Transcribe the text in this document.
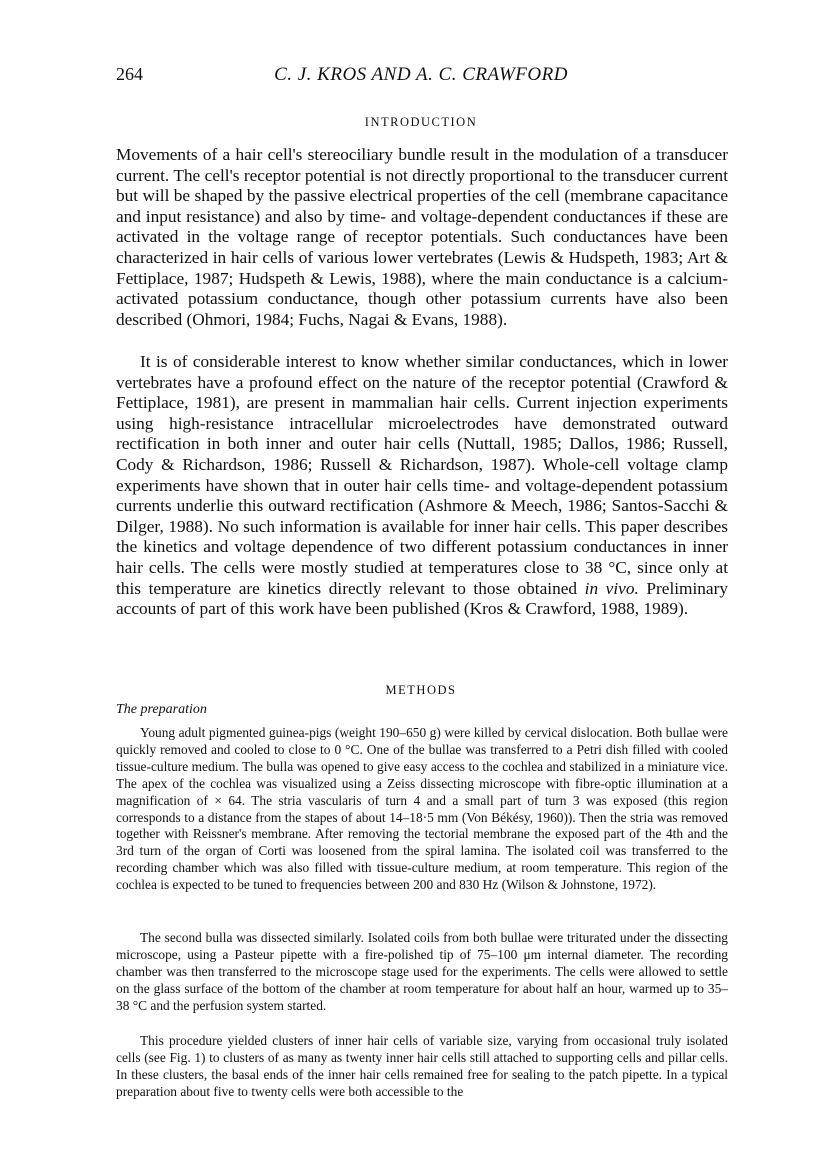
264	C. J. KROS AND A. C. CRAWFORD
INTRODUCTION

Movements of a hair cell's stereociliary bundle result in the modulation of a transducer current. The cell's receptor potential is not directly proportional to the transducer current but will be shaped by the passive electrical properties of the cell (membrane capacitance and input resistance) and also by time- and voltage-dependent conductances if these are activated in the voltage range of receptor potentials. Such conductances have been characterized in hair cells of various lower vertebrates (Lewis & Hudspeth, 1983; Art & Fettiplace, 1987; Hudspeth & Lewis, 1988), where the main conductance is a calcium-activated potassium conductance, though other potassium currents have also been described (Ohmori, 1984; Fuchs, Nagai & Evans, 1988).

It is of considerable interest to know whether similar conductances, which in lower vertebrates have a profound effect on the nature of the receptor potential (Crawford & Fettiplace, 1981), are present in mammalian hair cells. Current injection experiments using high-resistance intracellular microelectrodes have demonstrated outward rectification in both inner and outer hair cells (Nuttall, 1985; Dallos, 1986; Russell, Cody & Richardson, 1986; Russell & Richardson, 1987). Whole-cell voltage clamp experiments have shown that in outer hair cells time- and voltage-dependent potassium currents underlie this outward rectification (Ashmore & Meech, 1986; Santos-Sacchi & Dilger, 1988). No such information is available for inner hair cells. This paper describes the kinetics and voltage dependence of two different potassium conductances in inner hair cells. The cells were mostly studied at temperatures close to 38 °C, since only at this temperature are kinetics directly relevant to those obtained in vivo. Preliminary accounts of part of this work have been published (Kros & Crawford, 1988, 1989).

METHODS
The preparation

Young adult pigmented guinea-pigs (weight 190–650 g) were killed by cervical dislocation. Both bullae were quickly removed and cooled to close to 0 °C. One of the bullae was transferred to a Petri dish filled with cooled tissue-culture medium. The bulla was opened to give easy access to the cochlea and stabilized in a miniature vice. The apex of the cochlea was visualized using a Zeiss dissecting microscope with fibre-optic illumination at a magnification of × 64. The stria vascularis of turn 4 and a small part of turn 3 was exposed (this region corresponds to a distance from the stapes of about 14–18·5 mm (Von Békésy, 1960)). Then the stria was removed together with Reissner's membrane. After removing the tectorial membrane the exposed part of the 4th and the 3rd turn of the organ of Corti was loosened from the spiral lamina. The isolated coil was transferred to the recording chamber which was also filled with tissue-culture medium, at room temperature. This region of the cochlea is expected to be tuned to frequencies between 200 and 830 Hz (Wilson & Johnstone, 1972).

The second bulla was dissected similarly. Isolated coils from both bullae were triturated under the dissecting microscope, using a Pasteur pipette with a fire-polished tip of 75–100 μm internal diameter. The recording chamber was then transferred to the microscope stage used for the experiments. The cells were allowed to settle on the glass surface of the bottom of the chamber at room temperature for about half an hour, warmed up to 35–38 °C and the perfusion system started.

This procedure yielded clusters of inner hair cells of variable size, varying from occasional truly isolated cells (see Fig. 1) to clusters of as many as twenty inner hair cells still attached to supporting cells and pillar cells. In these clusters, the basal ends of the inner hair cells remained free for sealing to the patch pipette. In a typical preparation about five to twenty cells were both accessible to the
